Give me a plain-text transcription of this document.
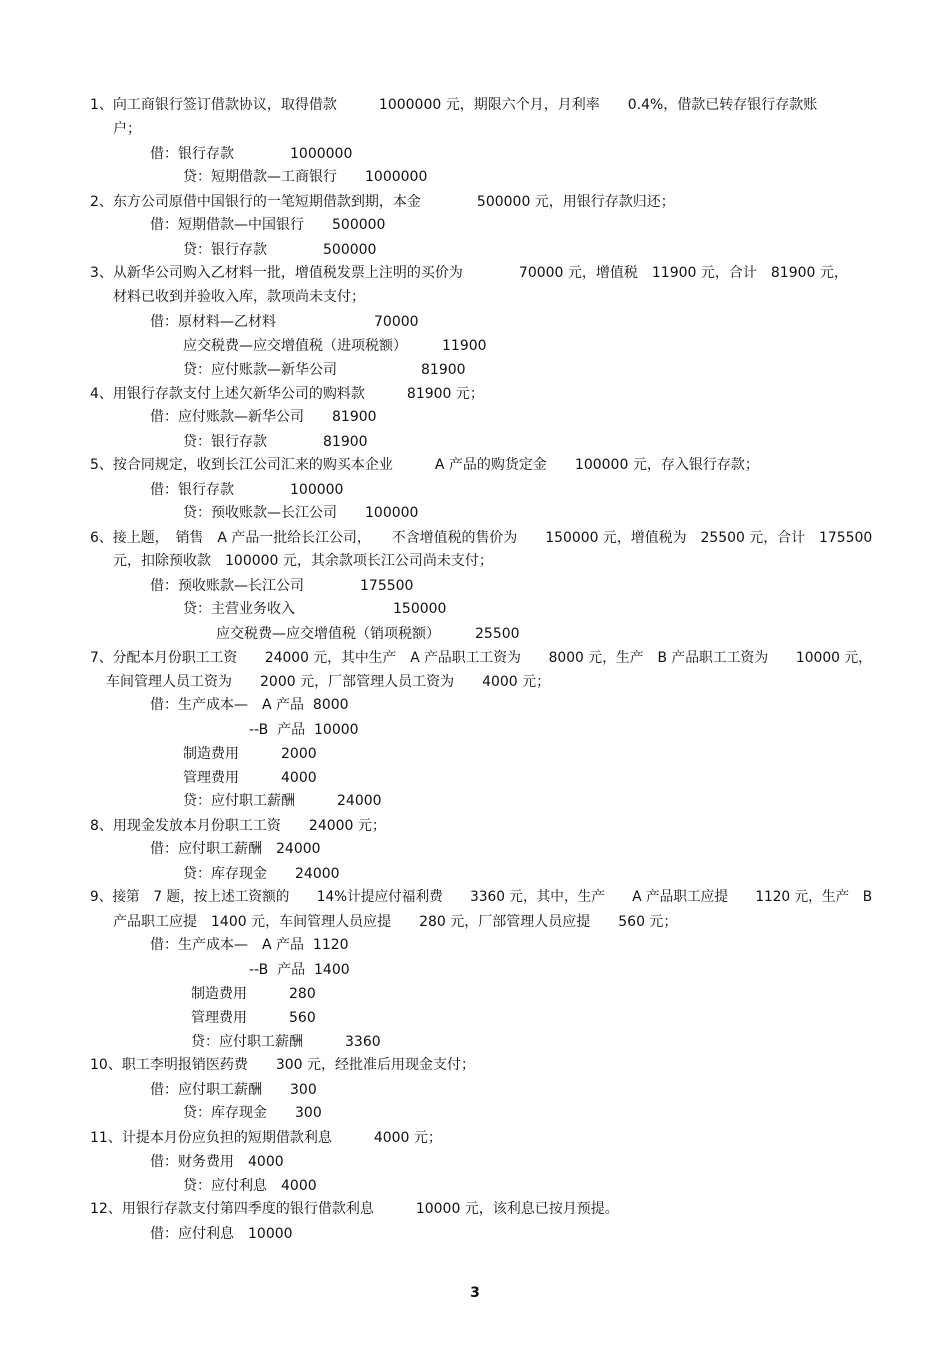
1、向工商银行签订借款协议，取得借款　　　1000000 元，期限六个月，月利率　　0.4%，借款已转存银行存款账
户；
借：银行存款　　　　1000000
贷：短期借款—工商银行　　1000000
2、东方公司原借中国银行的一笔短期借款到期，本金　　　　500000 元，用银行存款归还；
借：短期借款—中国银行　　500000
贷：银行存款　　　　500000
3、从新华公司购入乙材料一批，增值税发票上注明的买价为　　　　70000 元，增值税　11900 元，合计　81900 元，
材料已收到并验收入库，款项尚未支付；
借：原材料—乙材料　　　　　　　70000
应交税费—应交增值税（进项税额）　　　11900
贷：应付账款—新华公司　　　　　　81900
4、用银行存款支付上述欠新华公司的购料款　　　81900 元；
借：应付账款—新华公司　　81900
贷：银行存款　　　　81900
5、按合同规定，收到长江公司汇来的购买本企业　　　A 产品的购货定金　　100000 元，存入银行存款；
借：银行存款　　　　100000
贷：预收账款—长江公司　　100000
6、接上题，　销售　A 产品一批给长江公司，　　不含增值税的售价为　　150000 元，增值税为　25500 元，合计　175500
元，扣除预收款　100000 元，其余款项长江公司尚未支付；
借：预收账款—长江公司　　　　175500
贷：主营业务收入　　　　　　　150000
应交税费—应交增值税（销项税额）　　　25500
7、分配本月份职工工资　　24000 元，其中生产　A 产品职工工资为　　8000 元，生产　B 产品职工工资为　　10000 元，
车间管理人员工资为　　2000 元，厂部管理人员工资为　　4000 元；
借：生产成本—　A 产品  8000
--B  产品  10000
制造费用　　　2000
管理费用　　　4000
贷：应付职工薪酬　　　24000
8、用现金发放本月份职工工资　　24000 元；
借：应付职工薪酬　24000
贷：库存现金　　24000
9、接第　7 题，按上述工资额的　　14%计提应付福利费　　3360 元，其中，生产　　A 产品职工应提　　1120 元，生产　B
产品职工应提　1400 元，车间管理人员应提　　280 元，厂部管理人员应提　　560 元；
借：生产成本—　A 产品  1120
--B  产品  1400
制造费用　　　280
管理费用　　　560
贷：应付职工薪酬　　　3360
10、职工李明报销医药费　　300 元，经批准后用现金支付；
借：应付职工薪酬　　300
贷：库存现金　　300
11、计提本月份应负担的短期借款利息　　　4000 元；
借：财务费用　4000
贷：应付利息　4000
12、用银行存款支付第四季度的银行借款利息　　　10000 元，该利息已按月预提。
借：应付利息　10000
3
